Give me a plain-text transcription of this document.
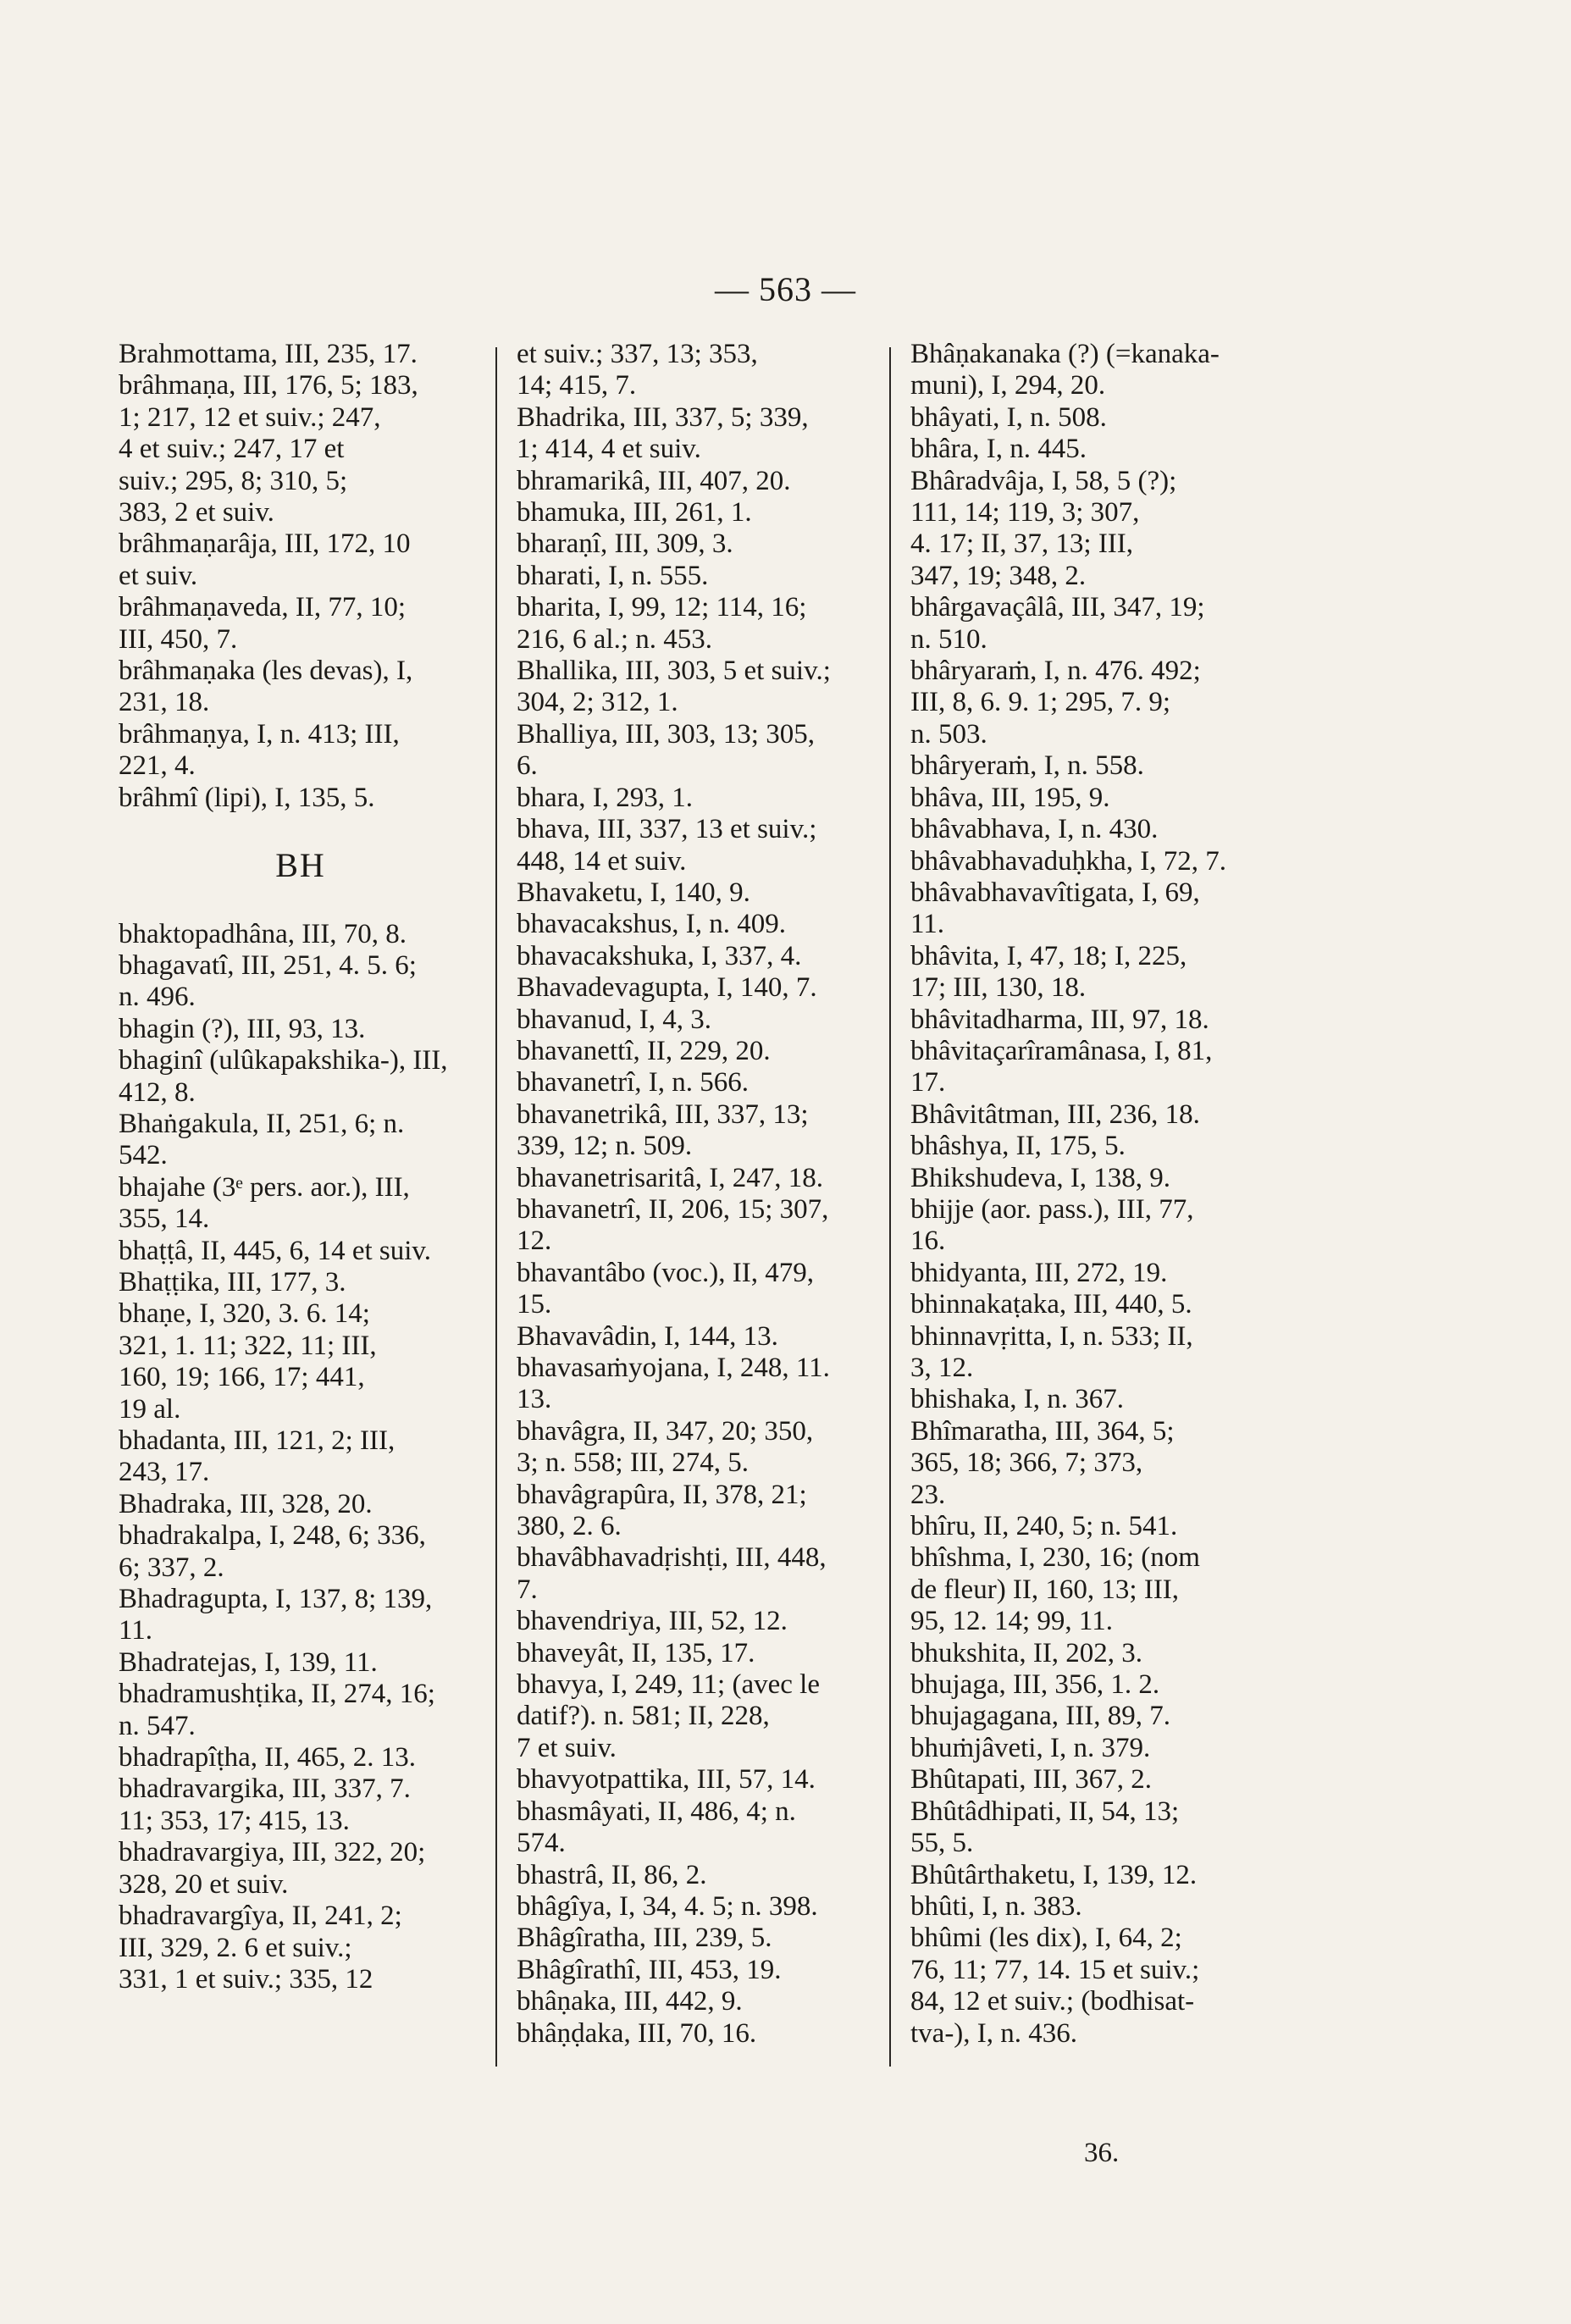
— 563 —
Brahmottama, III, 235, 17.
brâhmaṇa, III, 176, 5; 183,
1; 217, 12 et suiv.; 247,
4 et suiv.; 247, 17 et
suiv.; 295, 8; 310, 5;
383, 2 et suiv.
brâhmaṇarâja, III, 172, 10
et suiv.
brâhmaṇaveda, II, 77, 10;
III, 450, 7.
brâhmaṇaka (les devas), I,
231, 18.
brâhmaṇya, I, n. 413; III,
221, 4.
brâhmî (lipi), I, 135, 5.
BH
bhaktopadhâna, III, 70, 8.
bhagavatî, III, 251, 4. 5. 6;
n. 496.
bhagin (?), III, 93, 13.
bhaginî (ulûkapakshika-), III,
412, 8.
Bhaṅgakula, II, 251, 6; n.
542.
bhajahe (3ᵉ pers. aor.), III,
355, 14.
bhaṭṭâ, II, 445, 6, 14 et suiv.
Bhaṭṭika, III, 177, 3.
bhaṇe, I, 320, 3. 6. 14;
321, 1. 11; 322, 11; III,
160, 19; 166, 17; 441,
19 al.
bhadanta, III, 121, 2; III,
243, 17.
Bhadraka, III, 328, 20.
bhadrakalpa, I, 248, 6; 336,
6; 337, 2.
Bhadragupta, I, 137, 8; 139,
11.
Bhadratejas, I, 139, 11.
bhadramushṭika, II, 274, 16;
n. 547.
bhadrapîṭha, II, 465, 2. 13.
bhadravargika, III, 337, 7.
11; 353, 17; 415, 13.
bhadravargiya, III, 322, 20;
328, 20 et suiv.
bhadravargîya, II, 241, 2;
III, 329, 2. 6 et suiv.;
331, 1 et suiv.; 335, 12
et suiv.; 337, 13; 353,
14; 415, 7.
Bhadrika, III, 337, 5; 339,
1; 414, 4 et suiv.
bhramarikâ, III, 407, 20.
bhamuka, III, 261, 1.
bharaṇî, III, 309, 3.
bharati, I, n. 555.
bharita, I, 99, 12; 114, 16;
216, 6 al.; n. 453.
Bhallika, III, 303, 5 et suiv.;
304, 2; 312, 1.
Bhalliya, III, 303, 13; 305,
6.
bhara, I, 293, 1.
bhava, III, 337, 13 et suiv.;
448, 14 et suiv.
Bhavaketu, I, 140, 9.
bhavacakshus, I, n. 409.
bhavacakshuka, I, 337, 4.
Bhavadevagupta, I, 140, 7.
bhavanud, I, 4, 3.
bhavanettî, II, 229, 20.
bhavanetrî, I, n. 566.
bhavanetrikâ, III, 337, 13;
339, 12; n. 509.
bhavanetrisaritâ, I, 247, 18.
bhavanetrî, II, 206, 15; 307,
12.
bhavantâbo (voc.), II, 479,
15.
Bhavavâdin, I, 144, 13.
bhavasaṁyojana, I, 248, 11.
13.
bhavâgra, II, 347, 20; 350,
3; n. 558; III, 274, 5.
bhavâgrapûra, II, 378, 21;
380, 2. 6.
bhavâbhavadṛishṭi, III, 448,
7.
bhavendriya, III, 52, 12.
bhaveyât, II, 135, 17.
bhavya, I, 249, 11; (avec le
datif?). n. 581; II, 228,
7 et suiv.
bhavyotpattika, III, 57, 14.
bhasmâyati, II, 486, 4; n.
574.
bhastrâ, II, 86, 2.
bhâgîya, I, 34, 4. 5; n. 398.
Bhâgîratha, III, 239, 5.
Bhâgîrathî, III, 453, 19.
bhâṇaka, III, 442, 9.
bhâṇḍaka, III, 70, 16.
Bhâṇakanaka (?) (=kanaka-
muni), I, 294, 20.
bhâyati, I, n. 508.
bhâra, I, n. 445.
Bhâradvâja, I, 58, 5 (?);
111, 14; 119, 3; 307,
4. 17; II, 37, 13; III,
347, 19; 348, 2.
bhârgavaçâlâ, III, 347, 19;
n. 510.
bhâryaraṁ, I, n. 476. 492;
III, 8, 6. 9. 1; 295, 7. 9;
n. 503.
bhâryeraṁ, I, n. 558.
bhâva, III, 195, 9.
bhâvabhava, I, n. 430.
bhâvabhavaduḥkha, I, 72, 7.
bhâvabhavavîtigata, I, 69,
11.
bhâvita, I, 47, 18; I, 225,
17; III, 130, 18.
bhâvitadharma, III, 97, 18.
bhâvitaçarîramânasa, I, 81,
17.
Bhâvitâtman, III, 236, 18.
bhâshya, II, 175, 5.
Bhikshudeva, I, 138, 9.
bhijje (aor. pass.), III, 77,
16.
bhidyanta, III, 272, 19.
bhinnakaṭaka, III, 440, 5.
bhinnavṛitta, I, n. 533; II,
3, 12.
bhishaka, I, n. 367.
Bhîmaratha, III, 364, 5;
365, 18; 366, 7; 373,
23.
bhîru, II, 240, 5; n. 541.
bhîshma, I, 230, 16; (nom
de fleur) II, 160, 13; III,
95, 12. 14; 99, 11.
bhukshita, II, 202, 3.
bhujaga, III, 356, 1. 2.
bhujagagana, III, 89, 7.
bhuṁjâveti, I, n. 379.
Bhûtapati, III, 367, 2.
Bhûtâdhipati, II, 54, 13;
55, 5.
Bhûtârthaketu, I, 139, 12.
bhûti, I, n. 383.
bhûmi (les dix), I, 64, 2;
76, 11; 77, 14. 15 et suiv.;
84, 12 et suiv.; (bodhisat-
tva-), I, n. 436.
36.
